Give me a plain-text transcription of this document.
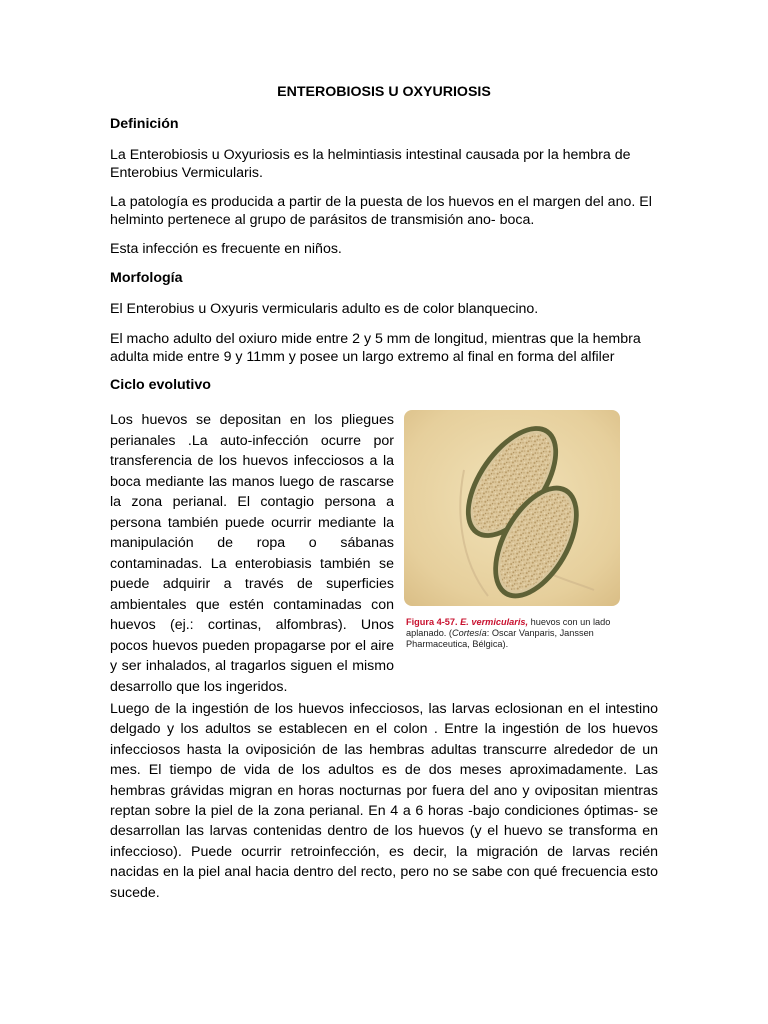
ENTEROBIOSIS U OXYURIOSIS
Definición
La Enterobiosis u Oxyuriosis es la helmintiasis intestinal causada por la hembra de Enterobius Vermicularis.
La patología es producida a partir de la puesta de los huevos en el margen del ano. El helminto pertenece al grupo de parásitos de transmisión ano- boca.
Esta infección es frecuente en niños.
Morfología
El Enterobius u Oxyuris vermicularis adulto es de color blanquecino.
El macho adulto del oxiuro mide entre 2 y 5 mm de longitud, mientras que la hembra adulta mide entre 9 y 11mm y posee un largo extremo al final en forma del alfiler
Ciclo evolutivo
Los huevos se depositan en los pliegues perianales .La auto-infección ocurre por transferencia de los huevos infecciosos a la boca mediante las manos luego de rascarse la zona perianal. El contagio persona a persona también puede ocurrir mediante la manipulación de ropa o sábanas contaminadas. La enterobiasis también se puede adquirir a través de superficies ambientales que estén contaminadas con huevos (ej.: cortinas, alfombras). Unos pocos huevos pueden propagarse por el aire y ser inhalados, al tragarlos siguen el mismo desarrollo que los ingeridos.
Figura 4-57. E. vermicularis, huevos con un lado aplanado. (Cortesía: Oscar Vanparis, Janssen Pharmaceutica, Bélgica).
Luego de la ingestión de los huevos infecciosos, las larvas eclosionan en el intestino delgado y los adultos se establecen en el colon . Entre la ingestión de los huevos infecciosos hasta la oviposición de las hembras adultas transcurre alrededor de un mes. El tiempo de vida de los adultos es de dos meses aproximadamente. Las hembras grávidas migran en horas nocturnas por fuera del ano y ovipositan mientras reptan sobre la piel de la zona perianal. En 4 a 6 horas -bajo condiciones óptimas- se desarrollan las larvas contenidas dentro de los huevos (y el huevo se transforma en infeccioso). Puede ocurrir retroinfección, es decir, la migración de larvas recién nacidas en la piel anal hacia dentro del recto, pero no se sabe con qué frecuencia esto sucede.
